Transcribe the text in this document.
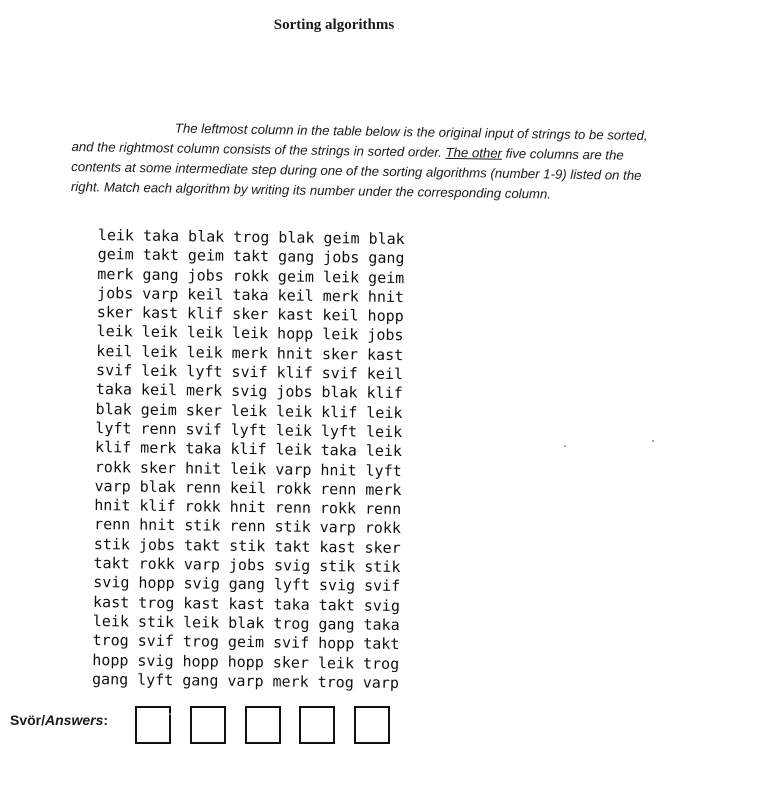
Sorting algorithms
The leftmost column in the table below is the original input of strings to be sorted,
and the rightmost column consists of the strings in sorted order. The other five columns are the
contents at some intermediate step during one of the sorting algorithms (number 1-9) listed on the
right. Match each algorithm by writing its number under the corresponding column.
leik	taka	blak	trog	blak	geim	blak
geim	takt	geim	takt	gang	jobs	gang
merk	gang	jobs	rokk	geim	leik	geim
jobs	varp	keil	taka	keil	merk	hnit
sker	kast	klif	sker	kast	keil	hopp
leik	leik	leik	leik	hopp	leik	jobs
keil	leik	leik	merk	hnit	sker	kast
svif	leik	lyft	svif	klif	svif	keil
taka	keil	merk	svig	jobs	blak	klif
blak	geim	sker	leik	leik	klif	leik
lyft	renn	svif	lyft	leik	lyft	leik
klif	merk	taka	klif	leik	taka	leik
rokk	sker	hnit	leik	varp	hnit	lyft
varp	blak	renn	keil	rokk	renn	merk
hnit	klif	rokk	hnit	renn	rokk	renn
renn	hnit	stik	renn	stik	varp	rokk
stik	jobs	takt	stik	takt	kast	sker
takt	rokk	varp	jobs	svig	stik	stik
svig	hopp	svig	gang	lyft	svig	svif
kast	trog	kast	kast	taka	takt	svig
leik	stik	leik	blak	trog	gang	taka
trog	svif	trog	geim	svif	hopp	takt
hopp	svig	hopp	hopp	sker	leik	trog
gang	lyft	gang	varp	merk	trog	varp
Svör/Answers:
